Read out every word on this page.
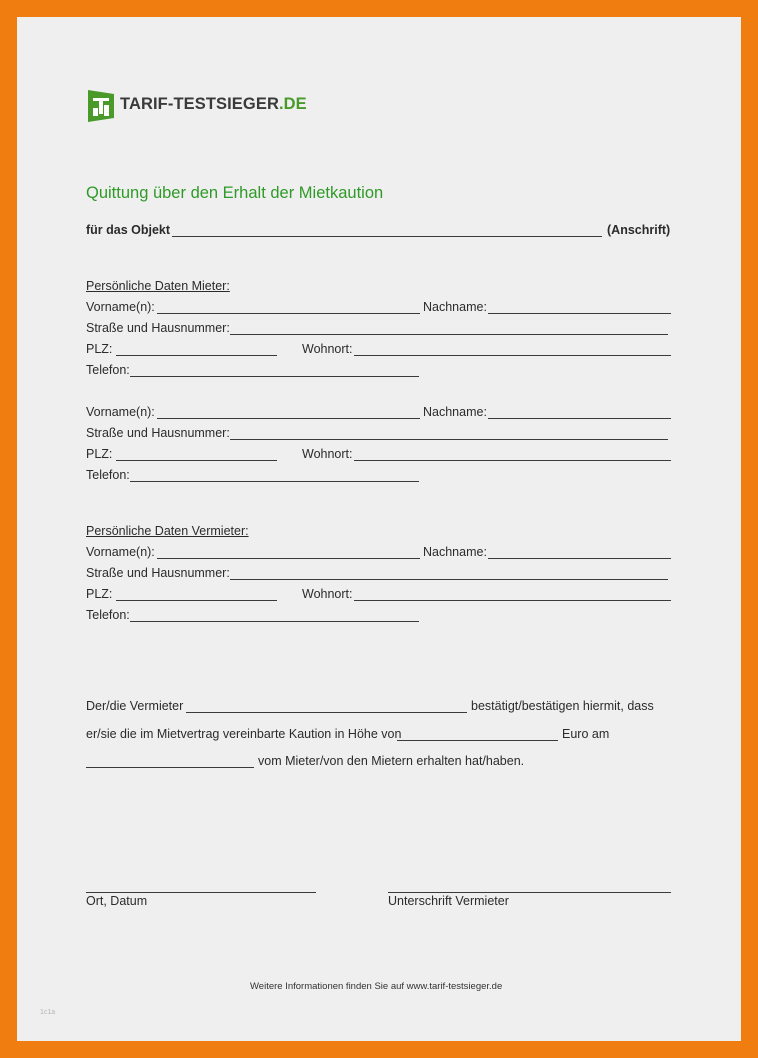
TARIF-TESTSIEGER.DE
Quittung über den Erhalt der Mietkaution
für das Objekt	(Anschrift)
Persönliche Daten Mieter:
Vorname(n):	Nachname:
Straße und Hausnummer:
PLZ:	Wohnort:
Telefon:
Vorname(n):	Nachname:
Straße und Hausnummer:
PLZ:	Wohnort:
Telefon:
Persönliche Daten Vermieter:
Vorname(n):	Nachname:
Straße und Hausnummer:
PLZ:	Wohnort:
Telefon:
Der/die Vermieter	bestätigt/bestätigen hiermit, dass
er/sie die im Mietvertrag vereinbarte Kaution in Höhe von	Euro am
vom Mieter/von den Mietern erhalten hat/haben.
Ort, Datum	Unterschrift Vermieter
Weitere Informationen finden Sie auf www.tarif-testsieger.de
1c1a
